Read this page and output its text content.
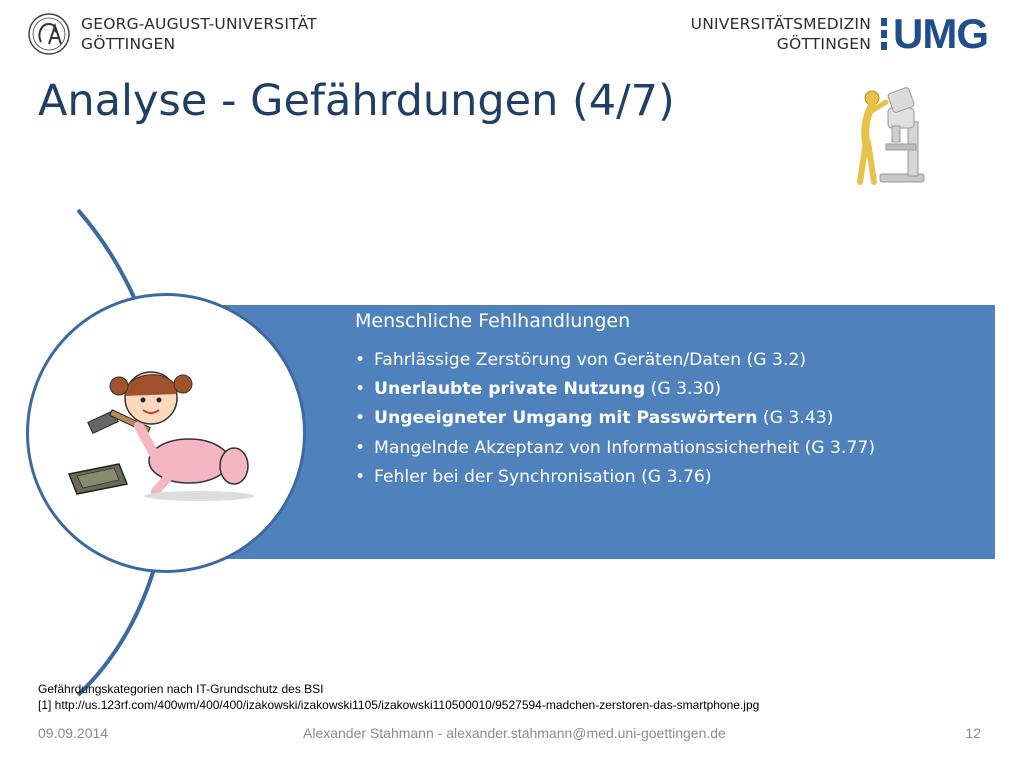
GEORG-AUGUST-UNIVERSITÄT
GÖTTINGEN
UNIVERSITÄTSMEDIZIN
GÖTTINGEN UMG
Analyse - Gefährdungen (4/7)
Menschliche Fehlhandlungen
• Fahrlässige Zerstörung von Geräten/Daten (G 3.2)
• Unerlaubte private Nutzung (G 3.30)
• Ungeeigneter Umgang mit Passwörtern (G 3.43)
• Mangelnde Akzeptanz von Informationssicherheit (G 3.77)
• Fehler bei der Synchronisation (G 3.76)
Gefährdungskategorien nach IT-Grundschutz des BSI
[1] http://us.123rf.com/400wm/400/400/izakowski/izakowski1105/izakowski110500010/9527594-madchen-zerstoren-das-smartphone.jpg
09.09.2014	Alexander Stahmann - alexander.stahmann@med.uni-goettingen.de	12
